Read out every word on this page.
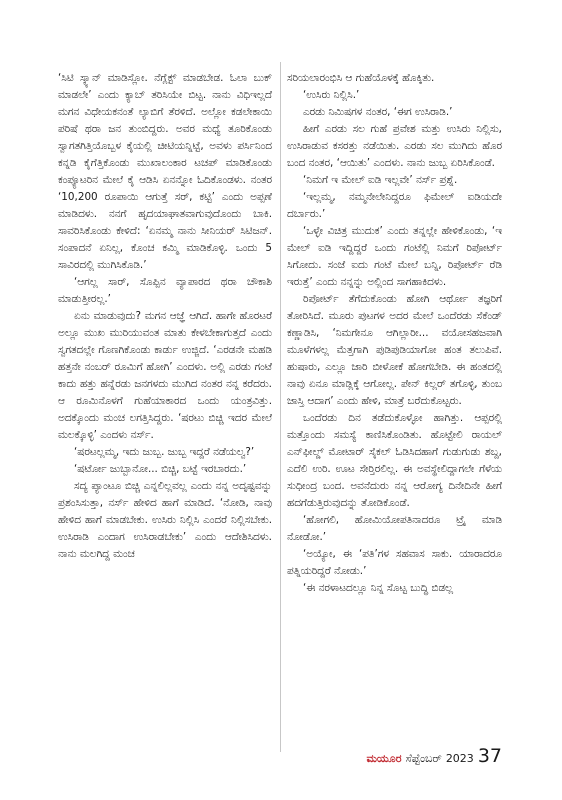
‘ಸಿಟಿ ಸ್ಕ್ಯಾನ್ ಮಾಡಿಸ್ಲೋ. ನೆಗ್ಲೆಕ್ಟ್ ಮಾಡಬೇಡ. ಓಲಾ ಬುಕ್ ಮಾಡಲೇ’ ಎಂದು ಕ್ಯಾಬ್ ತರಿಸಿಯೇ ಬಿಟ್ಟ. ನಾನು ವಿಧಿಇಲ್ಲದೆ ಮಗನ ವಿಧೇಯಕನಂತೆ ಲ್ಯಾಬಿಗೆ ತೆರಳಿದೆ. ಅಲ್ಲೋ ಕಡಲೇಕಾಯಿ ಪರಿಷೆ ಥರಾ ಜನ ತುಂಬಿದ್ದರು. ಅವರ ಮಧ್ಯೆ ತೂರಿಕೊಂಡು ಸ್ವಾಗತಗಿತ್ತಿಯೊಬ್ಬಳ ಕೈಯಲ್ಲಿ ಚೀಟಿಯನ್ನಿಟ್ಟೆ, ಅವಳು ಪರ್ಸಿನಿಂದ ಕನ್ನಡಿ ಕೈಗೆತ್ತಿಕೊಂಡು ಮುಖಾಲಂಕಾರ ಟಚಪ್ ಮಾಡಿಕೊಂಡು ಕಂಪ್ಯೂಟರಿನ ಮೇಲೆ ಕೈ ಆಡಿಸಿ ಏನನ್ನೋ ಓದಿಕೊಂಡಳು. ನಂತರ ‘10,200 ರೂಪಾಯಿ ಆಗುತ್ತೆ ಸರ್, ಕಟ್ಟಿ’ ಎಂದು ಅಪ್ಪಣೆ ಮಾಡಿದಳು. ನನಗೆ ಹೃದಯಾಘಾತವಾಗುವುದೊಂದು ಬಾಕಿ. ಸಾವರಿಸಿಕೊಂಡು ಕೇಳಿದೆ: ‘ಏನಮ್ಮ ನಾನು ಸೀನಿಯರ್ ಸಿಟಿಜನ್. ಸಂಪಾದನೆ ಏನಿಲ್ಲ, ಕೊಂಚ ಕಮ್ಮಿ ಮಾಡಿಕೊಳ್ಳಿ. ಒಂದು 5 ಸಾವಿರದಲ್ಲಿ ಮುಗಿಸಿಕೊಡಿ.’

‘ಆಗಲ್ಲ ಸಾರ್, ಸೊಪ್ಪಿನ ವ್ಯಾಪಾರದ ಥರಾ ಚೌಕಾಶಿ ಮಾಡುತ್ತೀರಲ್ಲ.’

ಏನು ಮಾಡುವುದು? ಮಗನ ಆಜ್ಞೆ ಆಗಿದೆ. ಹಾಗೇ ಹೊರಟರೆ ಅಲ್ಲೂ ಮುಖ ಮುರಿಯುವಂತ ಮಾತು ಕೇಳಬೇಕಾಗುತ್ತದೆ ಎಂದು ಸ್ವಗತದಲ್ಲೇ ಗೊಣಗಿಕೊಂಡು ಕಾರ್ಡು ಉಜ್ಜಿದೆ. ‘ಎರಡನೇ ಮಹಡಿ ಹತ್ತನೇ ನಂಬರ್ ರೂಮಿಗೆ ಹೋಗಿ’ ಎಂದಳು. ಅಲ್ಲಿ ಎರಡು ಗಂಟೆ ಕಾದು ಹತ್ತು ಹನ್ನೆರಡು ಜನಗಳದು ಮುಗಿದ ನಂತರ ನನ್ನ ಕರೆದರು. ಆ ರೂಮಿನೊಳಗೆ ಗುಹೆಯಾಕಾರದ ಒಂದು ಯಂತ್ರವಿತ್ತು. ಅದಕ್ಕೊಂದು ಮಂಚ ಲಗತ್ತಿಸಿದ್ದರು. ‘ಷರಟು ಬಿಚ್ಚಿ ಇದರ ಮೇಲೆ ಮಲಕ್ಕೊಳ್ಳಿ’ ಎಂದಳು ನರ್ಸ್.

‘ಷರಟಲ್ಲಮ್ಮ, ಇದು ಜುಬ್ಬ. ಜುಬ್ಬ ಇದ್ದರೆ ನಡೆಯಲ್ವ?’

‘ಷರ್ಟೋ ಜುಬ್ಬಾನೋ... ಬಿಚ್ಚಿ, ಬಟ್ಟೆ ಇರಬಾರದು.’

ಸದ್ಯ ಪ್ಯಾಂಟೂ ಬಿಚ್ಚಿ ಎನ್ನಲಿಲ್ಲವಲ್ಲ ಎಂದು ನನ್ನ ಅದೃಷ್ಟವನ್ನು ಪ್ರಶಂಸಿಸುತ್ತಾ, ನರ್ಸ್ ಹೇಳಿದ ಹಾಗೆ ಮಾಡಿದೆ. ‘ನೋಡಿ, ನಾವು ಹೇಳಿದ ಹಾಗೆ ಮಾಡಬೇಕು. ಉಸಿರು ನಿಲ್ಲಿಸಿ ಎಂದರೆ ನಿಲ್ಲಿಸಬೇಕು. ಉಸಿರಾಡಿ ಎಂದಾಗ ಉಸಿರಾಡಬೇಕು’ ಎಂದು ಆದೇಶಿಸಿದಳು. ನಾನು ಮಲಗಿದ್ದ ಮಂಚ

ಸರಿಯಲಾರಂಭಿಸಿ ಆ ಗುಹೆಯೊಳಕ್ಕೆ ಹೊಕ್ಕಿತು.

‘ಉಸಿರು ನಿಲ್ಲಿಸಿ.’

ಎರಡು ನಿಮಿಷಗಳ ನಂತರ, ‘ಈಗ ಉಸಿರಾಡಿ.’

ಹೀಗೆ ಎರಡು ಸಲ ಗುಹೆ ಪ್ರವೇಶ ಮತ್ತು ಉಸಿರು ನಿಲ್ಲಿಸು, ಉಸಿರಾಡುವ ಕಸರತ್ತು ನಡೆಯಿತು. ಎರಡು ಸಲ ಮುಗಿದು ಹೊರ ಬಂದ ನಂತರ, ‘ಆಯಿತು’ ಎಂದಳು. ನಾನು ಜುಬ್ಬ ಏರಿಸಿಕೊಂಡೆ.

‘ನಿಮಗೆ ಇ ಮೇಲ್ ಐಡಿ ಇಲ್ಲವೇ’ ನರ್ಸ್ ಪ್ರಶ್ನೆ.

‘ಇಲ್ಲಮ್ಮ, ನಮ್ಮನೇಲೇನಿದ್ದರೂ ಫಿಮೇಲ್ ಐಡಿಯದೇ ದರ್ಬಾರು.’

‘ಒಳ್ಳೇ ವಿಚಿತ್ರ ಮುದುಕ’ ಎಂದು ತನ್ನಲ್ಲೇ ಹೇಳಿಕೊಂಡು, ‘ಇ ಮೇಲ್ ಐಡಿ ಇದ್ದಿದ್ದರೆ ಒಂದು ಗಂಟೆಲ್ಲಿ ನಿಮಗೆ ರಿಪೋರ್ಟ್ ಸಿಗೋದು. ಸಂಜೆ ಐದು ಗಂಟೆ ಮೇಲೆ ಬನ್ನಿ, ರಿಪೋರ್ಟ್ ರೆಡಿ ಇರುತ್ತೆ’ ಎಂದು ನನ್ನನ್ನು ಅಲ್ಲಿಂದ ಸಾಗಹಾಕಿದಳು.

ರಿಪೋರ್ಟ್ ತೆಗೆದುಕೊಂಡು ಹೋಗಿ ಆರ್ಥೋ ತಜ್ಞರಿಗೆ ತೋರಿಸಿದೆ. ಮೂರು ಪುಟಗಳ ಅದರ ಮೇಲೆ ಒಂದೆರಡು ಸೆಕೆಂಡ್ ಕಣ್ಣಾಡಿಸಿ, ‘ನಿಮಗೇನೂ ಆಗಿಲ್ಲಾರೀ... ವಯೋಸಹಜವಾಗಿ ಮೂಳೆಗಳಲ್ಲ ಮೆತ್ತಗಾಗಿ ಪುಡಿಪುಡಿಯಾಗೋ ಹಂತ ತಲುಪಿವೆ. ಹುಷಾರು, ಎಲ್ಲೂ ಜಾರಿ ಬೀಳೋಕೆ ಹೋಗಬೇಡಿ. ಈ ಹಂತದಲ್ಲಿ ನಾವು ಏನೂ ಮಾಡ್ಲಿಕ್ಕೆ ಆಗೋಲ್ಲ. ಪೇನ್ ಕಿಲ್ಲರ್ ತಗೊಳ್ಳಿ, ತುಂಬ ಜಾಸ್ತಿ ಆದಾಗ’ ಎಂದು ಹೇಳಿ, ಮಾತ್ರೆ ಬರೆದುಕೊಟ್ಟರು.

ಒಂದೆರಡು ದಿನ ತಡೆದುಕೊಳ್ಳೋ ಹಾಗಿತ್ತು. ಆಪ್ಪರಲ್ಲಿ ಮತ್ತೊಂದು ಸಮಸ್ಯೆ ಕಾಣಿಸಿಕೊಂಡಿತು. ಹೊಟ್ಟೇಲಿ ರಾಯಲ್ ಎನ್‌ಫೀಲ್ಡ್ ಮೋಟಾರ್ ಸೈಕಲ್ ಓಡಿಸಿದಹಾಗೆ ಗುಡುಗುಡು ಶಬ್ದ, ಎದೆಲಿ ಉರಿ. ಊಟ ಸೇರ್‍ತಿರಲಿಲ್ಲ. ಈ ಅವಸ್ಥೇಲಿದ್ದಾಗಲೇ ಗೆಳೆಯ ಸುಧೀಂದ್ರ ಬಂದ. ಅವನೆದುರು ನನ್ನ ಆರೋಗ್ಯ ದಿನೇದಿನೇ ಹೀಗೆ ಹದಗೆಡುತ್ತಿರುವುದನ್ನು ತೋಡಿಕೊಂಡೆ.

‘ಹೋಗಲಿ, ಹೋಮಿಯೋಪತಿನಾದರೂ ಟ್ರೈ ಮಾಡಿ ನೋಡೋ.’

‘ಅಯ್ಯೋ, ಈ ‘ಪತಿ’ಗಳ ಸಹವಾಸ ಸಾಕು. ಯಾರಾದರೂ ಪತ್ನಿಯರಿದ್ದರೆ ನೋಡು.’

‘ಈ ನರಳಾಟದಲ್ಲೂ ನಿನ್ನ ಸೊಟ್ಟ ಬುದ್ಧಿ ಬಿಡಲ್ಲ

ಮಯೂರ ಸೆಪ್ಟೆಂಬರ್ 2023 37
